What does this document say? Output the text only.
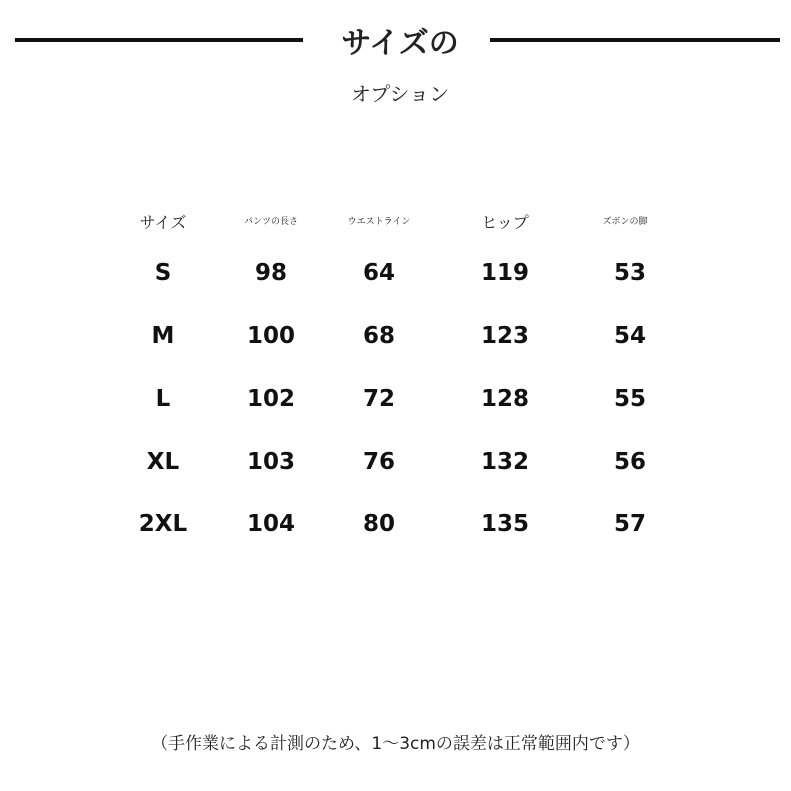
サイズの
オプション
サイズ	パンツの長さ	ウエストライン	ヒップ	ズボンの脚
S	98	64	119	53
M	100	68	123	54
L	102	72	128	55
XL	103	76	132	56
2XL	104	80	135	57
（手作業による計測のため、1～3cmの誤差は正常範囲内です）
